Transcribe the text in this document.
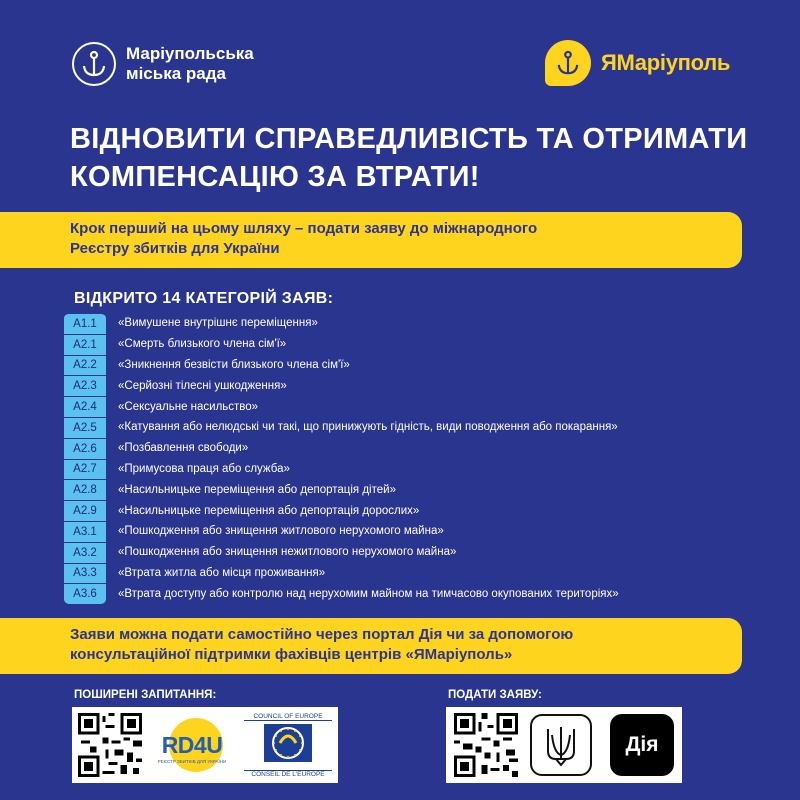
Маріупольська
міська рада	ЯМаріуполь
ВІДНОВИТИ СПРАВЕДЛИВІСТЬ ТА ОТРИМАТИ
КОМПЕНСАЦІЮ ЗА ВТРАТИ!
Крок перший на цьому шляху – подати заяву до міжнародного
Реєстру збитків для України
ВІДКРИТО 14 КАТЕГОРІЙ ЗАЯВ:
A1.1	«Вимушене внутрішнє переміщення»
A2.1	«Смерть близького члена сім'ї»
A2.2	«Зникнення безвісти близького члена сім'ї»
A2.3	«Серйозні тілесні ушкодження»
A2.4	«Сексуальне насильство»
A2.5	«Катування або нелюдські чи такі, що принижують гідність, види поводження або покарання»
A2.6	«Позбавлення свободи»
A2.7	«Примусова праця або служба»
A2.8	«Насильницьке переміщення або депортація дітей»
A2.9	«Насильницьке переміщення або депортація дорослих»
A3.1	«Пошкодження або знищення житлового нерухомого майна»
A3.2	«Пошкодження або знищення нежитлового нерухомого майна»
A3.3	«Втрата житла або місця проживання»
A3.6	«Втрата доступу або контролю над нерухомим майном на тимчасово окупованих територіях»
Заяви можна подати самостійно через портал Дія чи за допомогою
консультаційної підтримки фахівців центрів «ЯМаріуполь»
ПОШИРЕНІ ЗАПИТАННЯ:	ПОДАТИ ЗАЯВУ:
RD4U
РЕЄСТР ЗБИТКІВ ДЛЯ УКРАЇНИ
COUNCIL OF EUROPE
CONSEIL DE L'EUROPE
Дія
